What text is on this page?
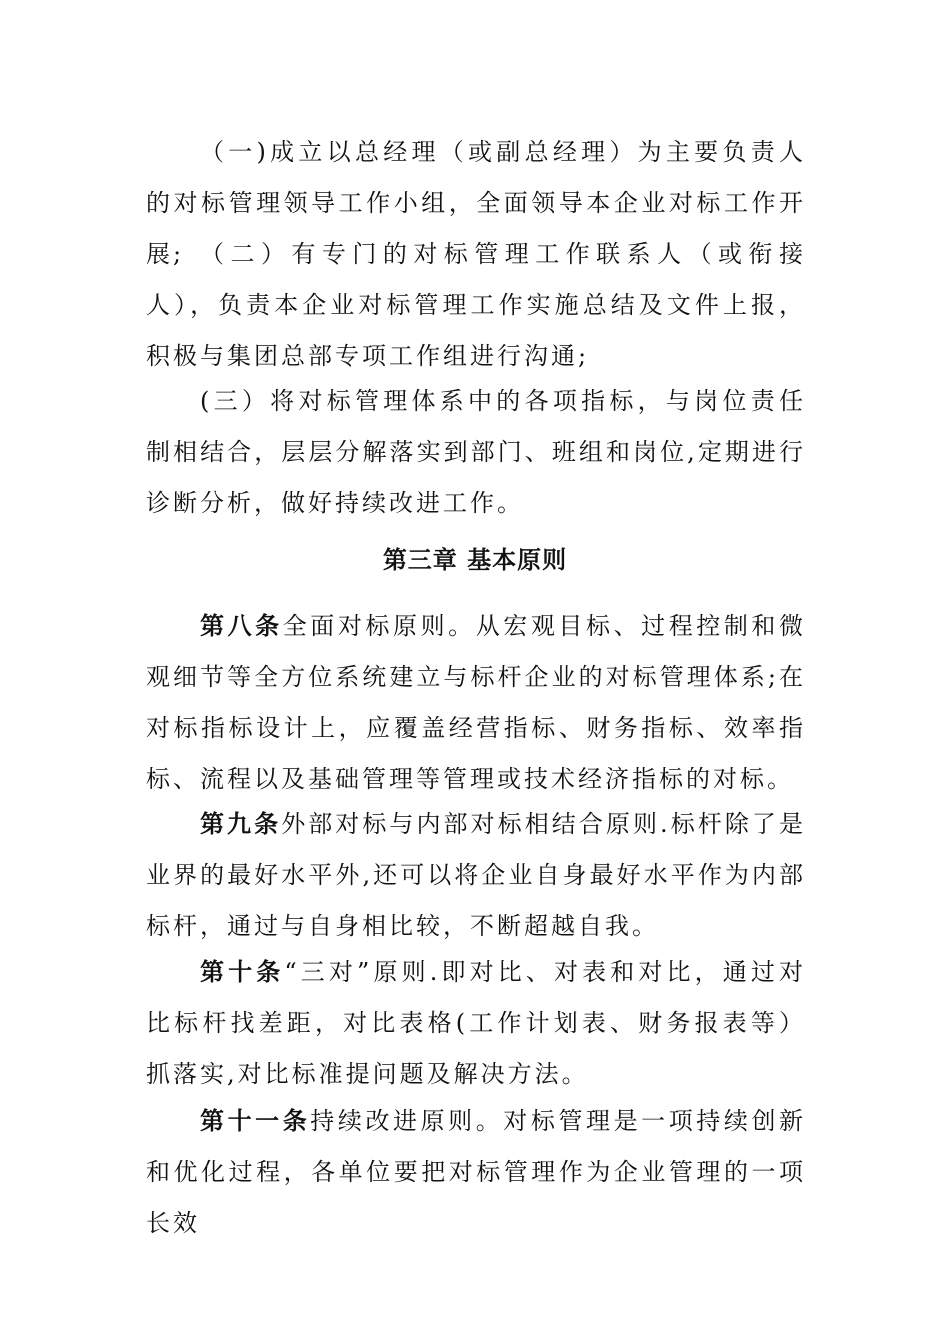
（一)成立以总经理（或副总经理）为主要负责人的对标管理领导工作小组，全面领导本企业对标工作开展; （二）有专门的对标管理工作联系人（或衔接人），负责本企业对标管理工作实施总结及文件上报，积极与集团总部专项工作组进行沟通;

(三）将对标管理体系中的各项指标，与岗位责任制相结合，层层分解落实到部门、班组和岗位,定期进行诊断分析，做好持续改进工作。

第三章 基本原则

第八条全面对标原则。从宏观目标、过程控制和微观细节等全方位系统建立与标杆企业的对标管理体系;在对标指标设计上，应覆盖经营指标、财务指标、效率指标、流程以及基础管理等管理或技术经济指标的对标。

第九条外部对标与内部对标相结合原则.标杆除了是业界的最好水平外,还可以将企业自身最好水平作为内部标杆，通过与自身相比较，不断超越自我。

第十条“三对”原则.即对比、对表和对比，通过对比标杆找差距，对比表格(工作计划表、财务报表等）抓落实,对比标准提问题及解决方法。

第十一条持续改进原则。对标管理是一项持续创新和优化过程，各单位要把对标管理作为企业管理的一项长效
